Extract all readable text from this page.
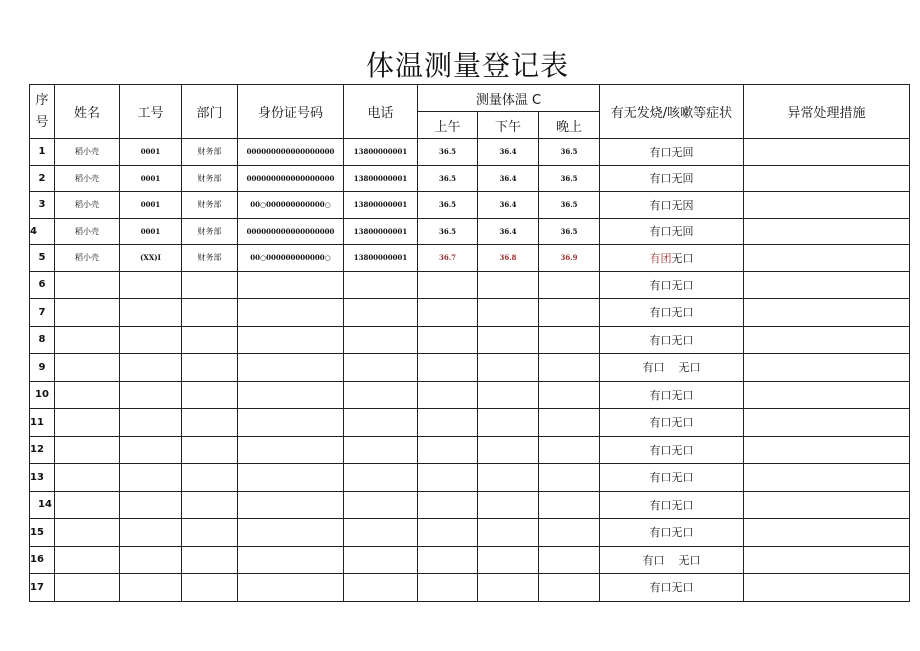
体温测量登记表
序号	姓名	工号	部门	身份证号码	电话	测量体温 C			有无发烧/咳嗽等症状	异常处理措施
						上午	下午	晚上		
1	稻小壳	0001	财务部	000000000000000000	13800000001	36.5	36.4	36.5	有口无回	
2	稻小壳	0001	财务部	000000000000000000	13800000001	36.5	36.4	36.5	有口无回	
3	稻小壳	0001	财务部	00○000000000000○	13800000001	36.5	36.4	36.5	有口无因	
4	稻小壳	0001	财务部	000000000000000000	13800000001	36.5	36.4	36.5	有口无回	
5	稻小壳	(XX)I	财务部	00○000000000000○	13800000001	36.7	36.8	36.9	有团无口	
6									有口无口	
7									有口无口	
8									有口无口	
9									有口 无口	
10									有口无口	
11									有口无口	
12									有口无口	
13									有口无口	
14									有口无口	
15									有口无口	
16									有口 无口	
17									有口无口	
